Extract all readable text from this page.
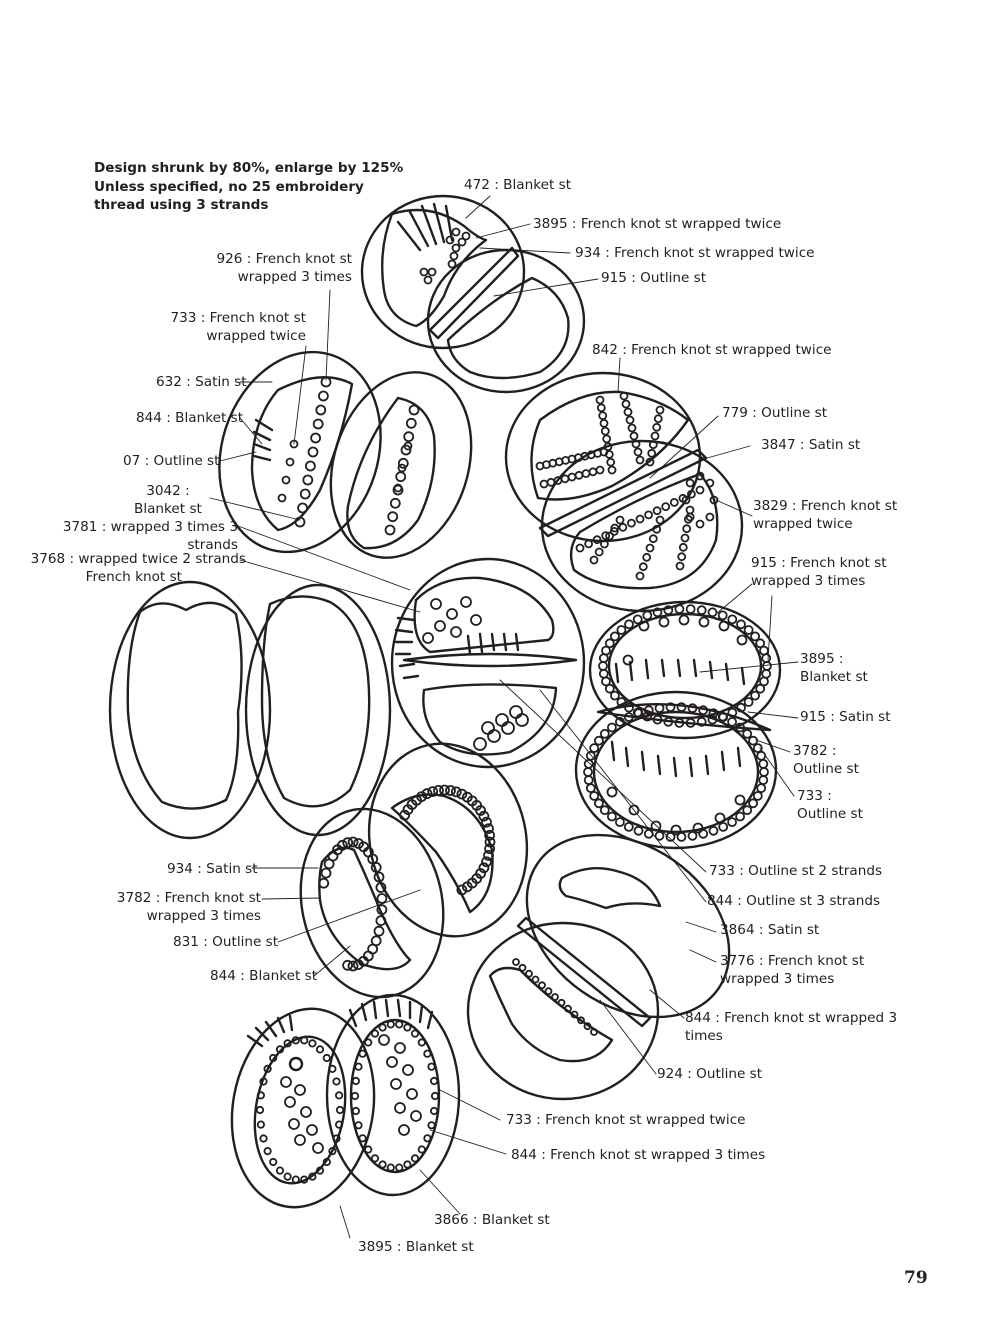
Design shrunk by 80%, enlarge by 125%
Unless specified, no 25 embroidery
thread using 3 strands
472 : Blanket st
3895 : French knot st wrapped twice
934 : French knot st wrapped twice
915 : Outline st
926 : French knot st
wrapped 3 times
733 : French knot st
wrapped twice
632 : Satin st
844 : Blanket st
07 : Outline st
3042 :
Blanket st
3781 : wrapped 3 times 3
strands
3768 : wrapped twice 2 strands
French knot st
842 : French knot st wrapped twice
779 : Outline st
3847 : Satin st
3829 : French knot st
wrapped twice
915 : French knot st
wrapped 3 times
3895 :
Blanket st
915 : Satin st
3782 :
Outline st
733 :
Outline st
733 : Outline st 2 strands
844 : Outline st 3 strands
3864 : Satin st
3776 : French knot st
wrapped 3 times
844 : French knot st wrapped 3
times
924 : Outline st
934 : Satin st
3782 : French knot st
wrapped 3 times
831 : Outline st
844 : Blanket st
733 : French knot st wrapped twice
844 : French knot st wrapped 3 times
3866 : Blanket st
3895 : Blanket st
79
